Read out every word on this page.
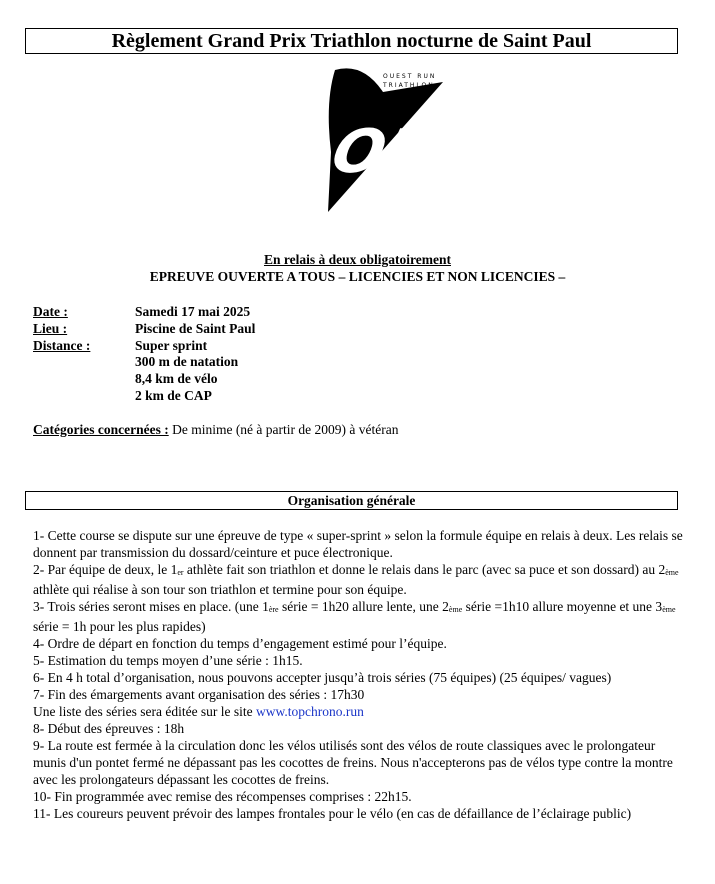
Règlement Grand Prix Triathlon nocturne de Saint Paul
ORT
OUEST RUN
TRIATHLON
En relais à deux obligatoirement
EPREUVE OUVERTE A TOUS – LICENCIES ET NON LICENCIES –
Date :	Samedi 17 mai 2025
Lieu :	Piscine de Saint Paul
Distance :	Super sprint
300 m de natation
8,4 km de vélo
2 km de CAP
Catégories concernées : De minime (né à partir de 2009) à vétéran
Organisation générale

1- Cette course se dispute sur une épreuve de type « super-sprint » selon la formule équipe en relais à deux. Les relais se donnent par transmission du dossard/ceinture et puce électronique.

2- Par équipe de deux, le $1_{er}$ athlète fait son triathlon et donne le relais dans le parc (avec sa puce et son dossard) au $2_{ème}$ athlète qui réalise à son tour son triathlon et termine pour son équipe.

3- Trois séries seront mises en place. (une $1_{ère}$ série = 1h20 allure lente, une $2_{ème}$ série =1h10 allure moyenne et une $3_{ème}$ série = 1h pour les plus rapides)

4- Ordre de départ en fonction du temps d’engagement estimé pour l’équipe.

5- Estimation du temps moyen d’une série : 1h15.

6- En 4 h total d’organisation, nous pouvons accepter jusqu’à trois séries (75 équipes) (25 équipes/ vagues)

7- Fin des émargements avant organisation des séries : 17h30

Une liste des séries sera éditée sur le site www.topchrono.run

8- Début des épreuves : 18h

9- La route est fermée à la circulation donc les vélos utilisés sont des vélos de route classiques avec le prolongateur munis d'un pontet fermé ne dépassant pas les cocottes de freins. Nous n'accepterons pas de vélos type contre la montre avec les prolongateurs dépassant les cocottes de freins.

10- Fin programmée avec remise des récompenses comprises : 22h15.

11- Les coureurs peuvent prévoir des lampes frontales pour le vélo (en cas de défaillance de l’éclairage public)
